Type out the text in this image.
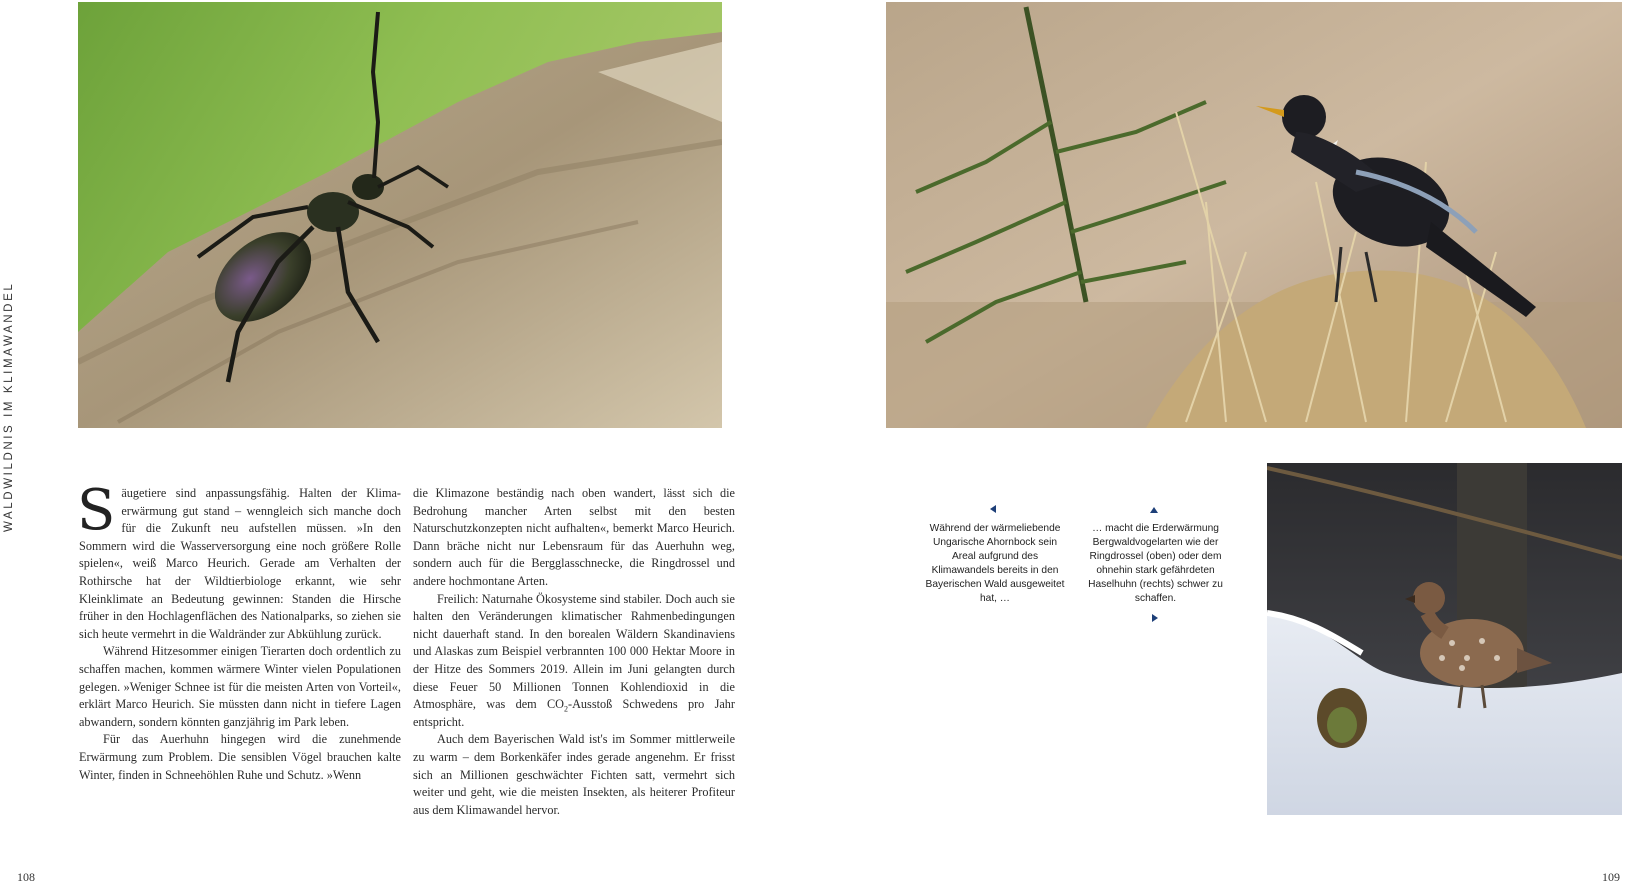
WALDWILDNIS IM KLIMAWANDEL Säugetiere sind anpassungsfähig. Halten der Klima-erwärmung gut stand – wenngleich sich manche doch für die Zukunft neu aufstellen müssen. »In den Sommern wird die Wasserversorgung eine noch größere Rolle spielen«, weiß Marco Heurich. Gerade am Verhalten der Rothirsche hat der Wildtierbiologe erkannt, wie sehr Kleinklimate an Bedeutung gewinnen: Standen die Hirsche früher in den Hochlagenflächen des Nationalparks, so ziehen sie sich heute vermehrt in die Waldränder zur Abkühlung zurück.

Während Hitzesommer einigen Tierarten doch ordentlich zu schaffen machen, kommen wärmere Winter vielen Populationen gelegen. »Weniger Schnee ist für die meisten Arten von Vorteil«, erklärt Marco Heurich. Sie müssten dann nicht in tiefere Lagen abwandern, sondern könnten ganzjährig im Park leben.

Für das Auerhuhn hingegen wird die zunehmende Erwärmung zum Problem. Die sensiblen Vögel brauchen kalte Winter, finden in Schneehöhlen Ruhe und Schutz. »Wenn

die Klimazone beständig nach oben wandert, lässt sich die Bedrohung mancher Arten selbst mit den besten Naturschutzkonzepten nicht aufhalten«, bemerkt Marco Heurich. Dann bräche nicht nur Lebensraum für das Auerhuhn weg, sondern auch für die Bergglasschnecke, die Ringdrossel und andere hochmontane Arten.

Freilich: Naturnahe Ökosysteme sind stabiler. Doch auch sie halten den Veränderungen klimatischer Rahmenbedingungen nicht dauerhaft stand. In den borealen Wäldern Skandinaviens und Alaskas zum Beispiel verbrannten 100 000 Hektar Moore in der Hitze des Sommers 2019. Allein im Juni gelangten durch diese Feuer 50 Millionen Tonnen Kohlendioxid in die Atmosphäre, was dem $CO_2$-Ausstoß Schwedens pro Jahr entspricht.

Auch dem Bayerischen Wald ist's im Sommer mittlerweile zu warm – dem Borkenkäfer indes gerade angenehm. Er frisst sich an Millionen geschwächter Fichten satt, vermehrt sich weiter und geht, wie die meisten Insekten, als heiterer Profiteur aus dem Klimawandel hervor.

Während der wärmeliebende Ungarische Ahornbock sein Areal aufgrund des Klimawandels bereits in den Bayerischen Wald ausgeweitet hat, …
… macht die Erderwärmung Bergwaldvogelarten wie der Ringdrossel (oben) oder dem ohnehin stark gefährdeten Haselhuhn (rechts) schwer zu schaffen.
108	109
